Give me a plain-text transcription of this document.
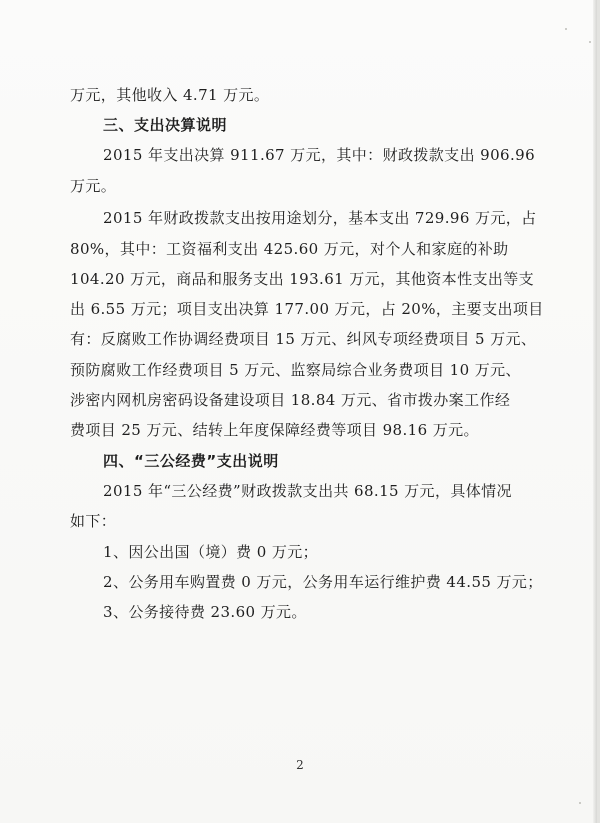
万元，其他收入 4.71 万元。
三、支出决算说明
2015 年支出决算 911.67 万元，其中：财政拨款支出 906.96
万元。
2015 年财政拨款支出按用途划分，基本支出 729.96 万元，占
80%，其中：工资福利支出 425.60 万元，对个人和家庭的补助
104.20 万元，商品和服务支出 193.61 万元，其他资本性支出等支
出 6.55 万元；项目支出决算 177.00 万元，占 20%，主要支出项目
有：反腐败工作协调经费项目 15 万元、纠风专项经费项目 5 万元、
预防腐败工作经费项目 5 万元、监察局综合业务费项目 10 万元、
涉密内网机房密码设备建设项目 18.84 万元、省市拨办案工作经
费项目 25 万元、结转上年度保障经费等项目 98.16 万元。
四、“三公经费”支出说明
2015 年“三公经费”财政拨款支出共 68.15 万元，具体情况
如下：
1、因公出国（境）费 0 万元；
2、公务用车购置费 0 万元，公务用车运行维护费 44.55 万元；
3、公务接待费 23.60 万元。
2
